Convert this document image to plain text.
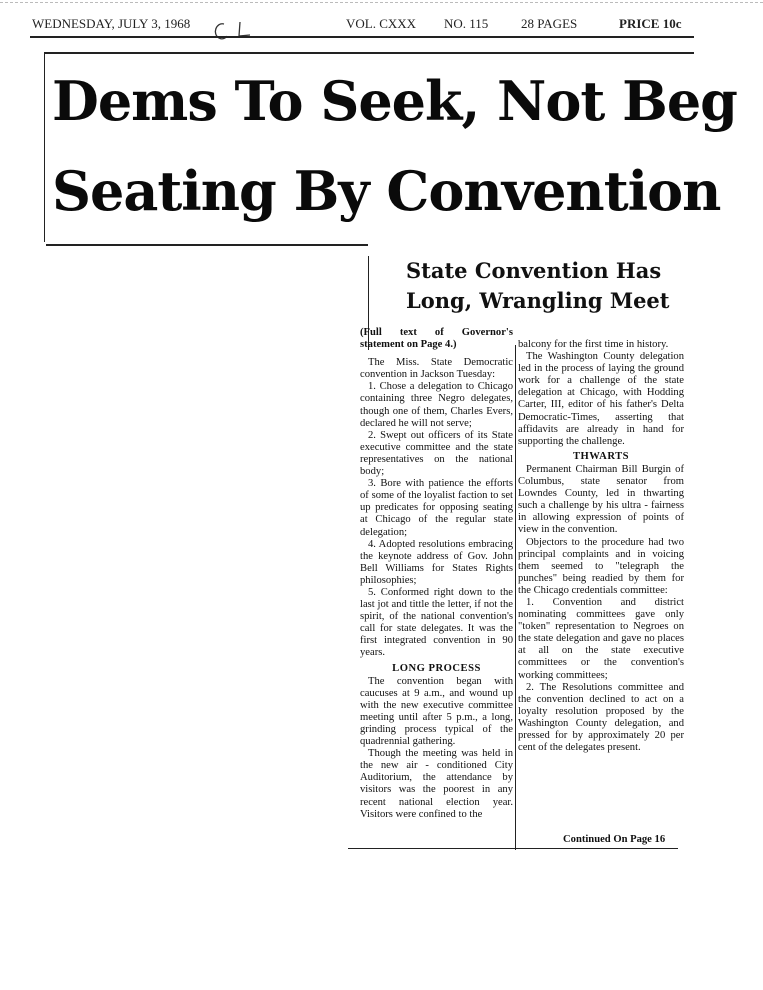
WEDNESDAY, JULY 3, 1968	VOL. CXXX NO. 115	28 PAGES	PRICE 10c
Dems To Seek, Not Beg
Seating By Convention
State Convention Has
Long, Wrangling Meet

(Full text of Governor's statement on Page 4.)

The Miss. State Democratic convention in Jackson Tuesday:

1. Chose a delegation to Chicago containing three Negro delegates, though one of them, Charles Evers, declared he will not serve;

2. Swept out officers of its State executive committee and the state representatives on the national body;

3. Bore with patience the efforts of some of the loyalist faction to set up predicates for opposing seating at Chicago of the regular state delegation;

4. Adopted resolutions embracing the keynote address of Gov. John Bell Williams for States Rights philosophies;

5. Conformed right down to the last jot and tittle the letter, if not the spirit, of the national convention's call for state delegates. It was the first integrated convention in 90 years.

LONG PROCESS

The convention began with caucuses at 9 a.m., and wound up with the new executive committee meeting until after 5 p.m., a long, grinding process typical of the quadrennial gathering.

Though the meeting was held in the new air - conditioned City Auditorium, the attendance by visitors was the poorest in any recent national election year. Visitors were confined to the

balcony for the first time in history.

The Washington County delegation led in the process of laying the ground work for a challenge of the state delegation at Chicago, with Hodding Carter, III, editor of his father's Delta Democratic-Times, asserting that affidavits are already in hand for supporting the challenge.

THWARTS

Permanent Chairman Bill Burgin of Columbus, state senator from Lowndes County, led in thwarting such a challenge by his ultra - fairness in allowing expression of points of view in the convention.

Objectors to the procedure had two principal complaints and in voicing them seemed to "telegraph the punches" being readied by them for the Chicago credentials committee:

1. Convention and district nominating committees gave only "token" representation to Negroes on the state delegation and gave no places at all on the state executive committees or the convention's working committees;

2. The Resolutions committee and the convention declined to act on a loyalty resolution proposed by the Washington County delegation, and pressed for by approximately 20 per cent of the delegates present.

Continued On Page 16
